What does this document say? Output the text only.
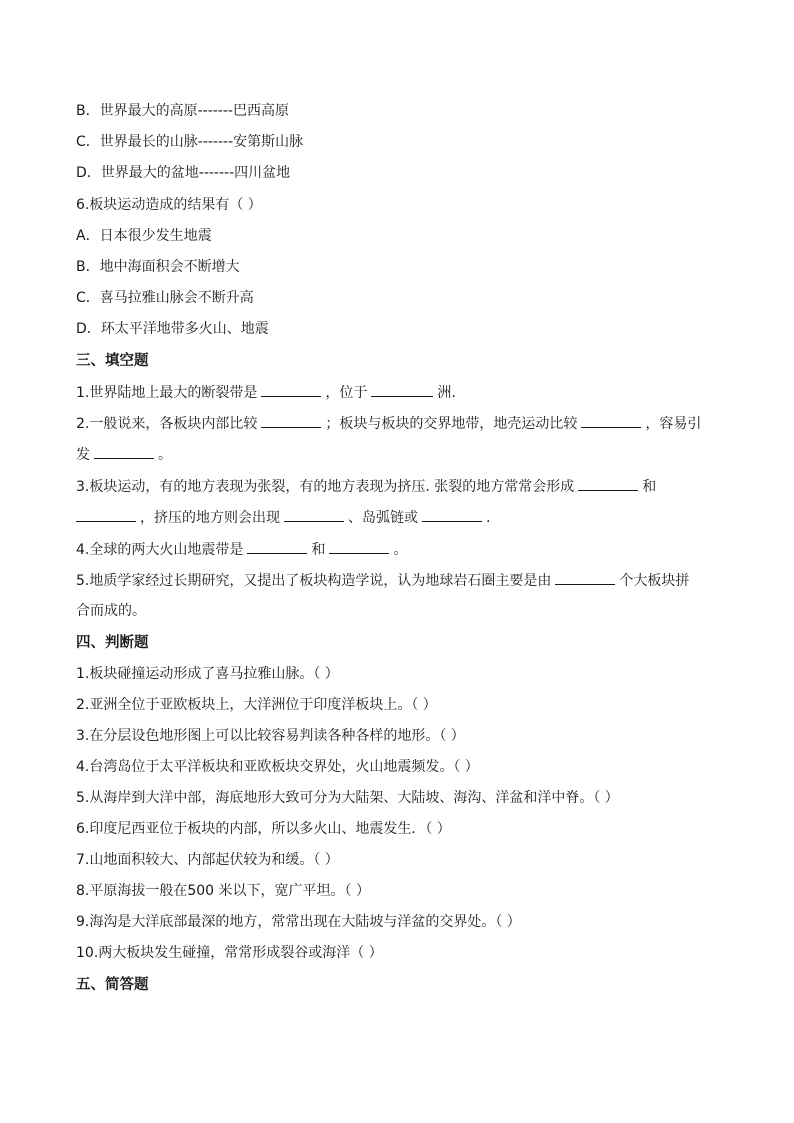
B．世界最大的高原-------巴西高原
C．世界最长的山脉-------安第斯山脉
D．世界最大的盆地-------四川盆地
6.板块运动造成的结果有（ ）
A．日本很少发生地震
B．地中海面积会不断增大
C．喜马拉雅山脉会不断升高
D．环太平洋地带多火山、地震
三、填空题
1.世界陆地上最大的断裂带是	，位于	洲.
2.一般说来，各板块内部比较	；板块与板块的交界地带，地壳运动比较	，容易引
发	。
3.板块运动，有的地方表现为张裂，有的地方表现为挤压. 张裂的地方常常会形成	和
，挤压的地方则会出现	、岛弧链或	.
4.全球的两大火山地震带是	和	。
5.地质学家经过长期研究，又提出了板块构造学说，认为地球岩石圈主要是由	个大板块拼
合而成的。
四、判断题
1.板块碰撞运动形成了喜马拉雅山脉。（ ）
2.亚洲全位于亚欧板块上，大洋洲位于印度洋板块上。（ ）
3.在分层设色地形图上可以比较容易判读各种各样的地形。（ ）
4.台湾岛位于太平洋板块和亚欧板块交界处，火山地震频发。（ ）
5.从海岸到大洋中部，海底地形大致可分为大陆架、大陆坡、海沟、洋盆和洋中脊。（ ）
6.印度尼西亚位于板块的内部，所以多火山、地震发生．（ ）
7.山地面积较大、内部起伏较为和缓。（ ）
8.平原海拔一般在500 米以下，宽广平坦。（ ）
9.海沟是大洋底部最深的地方，常常出现在大陆坡与洋盆的交界处。（ ）
10.两大板块发生碰撞，常常形成裂谷或海洋（ ）
五、简答题
